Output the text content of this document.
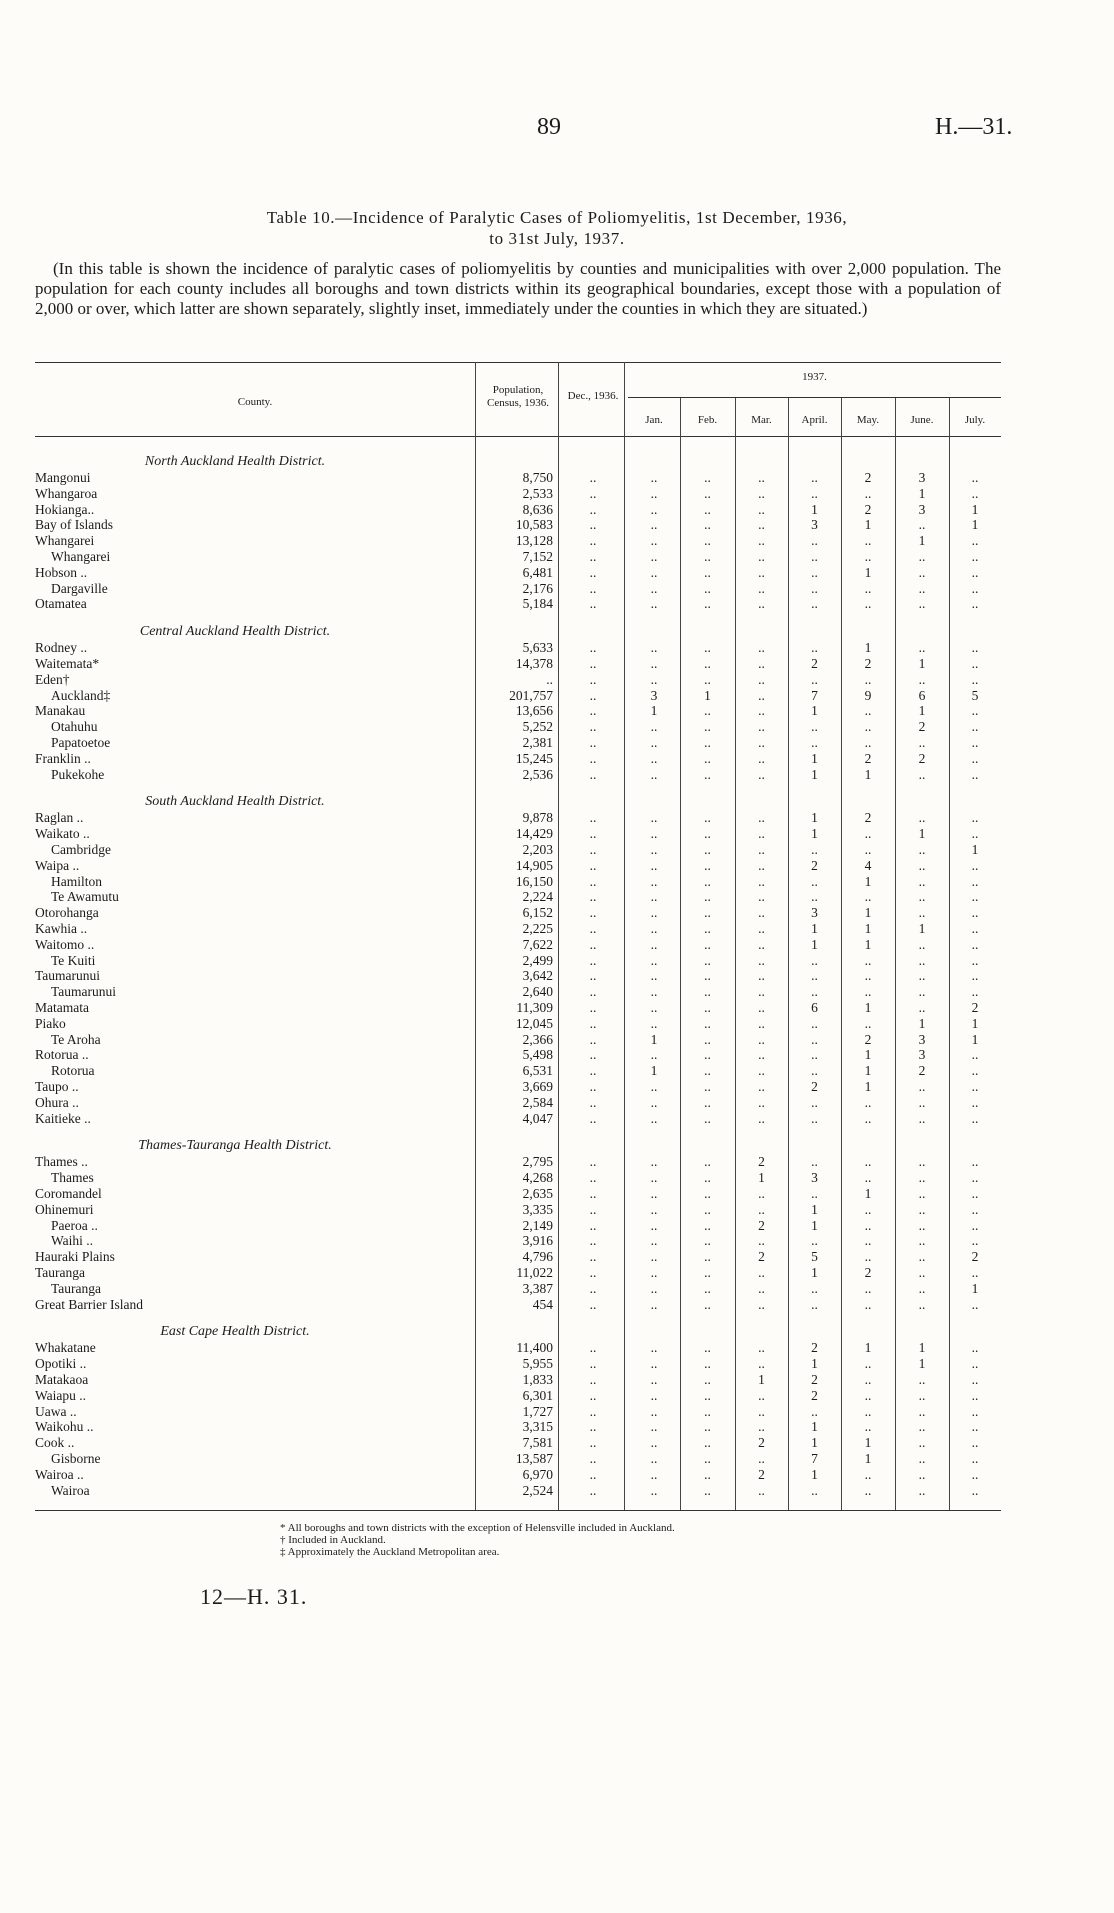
89	H.—31.
Table 10.—Incidence of Paralytic Cases of Poliomyelitis, 1st December, 1936,
to 31st July, 1937.
(In this table is shown the incidence of paralytic cases of poliomyelitis by counties and municipalities with over 2,000 population. The population for each county includes all boroughs and town districts within its geographical boundaries, except those with a population of 2,000 or over, which latter are shown separately, slightly inset, immediately under the counties in which they are situated.)
County.
Population, Census, 1936.
Dec., 1936.
1937.
Jan.	Feb.	Mar.	April.	May.	June.	July.
North Auckland Health District.
Mangonui	8,750	..	..	..	..	..	2	3	..
Whangaroa	2,533	..	..	..	..	..	..	1	..
Hokianga..	8,636	..	..	..	..	1	2	3	1
Bay of Islands	10,583	..	..	..	..	3	1	..	1
Whangarei	13,128	..	..	..	..	..	..	1	..
Whangarei	7,152	..	..	..	..	..	..	..	..
Hobson ..	6,481	..	..	..	..	..	1	..	..
Dargaville	2,176	..	..	..	..	..	..	..	..
Otamatea	5,184	..	..	..	..	..	..	..	..
Central Auckland Health District.
Rodney ..	5,633	..	..	..	..	..	1	..	..
Waitemata*	14,378	..	..	..	..	2	2	1	..
Eden†	..	..	..	..	..	..	..	..	..
Auckland‡	201,757	..	3	1	..	7	9	6	5
Manakau	13,656	..	1	..	..	1	..	1	..
Otahuhu	5,252	..	..	..	..	..	..	2	..
Papatoetoe	2,381	..	..	..	..	..	..	..	..
Franklin ..	15,245	..	..	..	..	1	2	2	..
Pukekohe	2,536	..	..	..	..	1	1	..	..
South Auckland Health District.
Raglan ..	9,878	..	..	..	..	1	2	..	..
Waikato ..	14,429	..	..	..	..	1	..	1	..
Cambridge	2,203	..	..	..	..	..	..	..	1
Waipa ..	14,905	..	..	..	..	2	4	..	..
Hamilton	16,150	..	..	..	..	..	1	..	..
Te Awamutu	2,224	..	..	..	..	..	..	..	..
Otorohanga	6,152	..	..	..	..	3	1	..	..
Kawhia ..	2,225	..	..	..	..	1	1	1	..
Waitomo ..	7,622	..	..	..	..	1	1	..	..
Te Kuiti	2,499	..	..	..	..	..	..	..	..
Taumarunui	3,642	..	..	..	..	..	..	..	..
Taumarunui	2,640	..	..	..	..	..	..	..	..
Matamata	11,309	..	..	..	..	6	1	..	2
Piako	12,045	..	..	..	..	..	..	1	1
Te Aroha	2,366	..	1	..	..	..	2	3	1
Rotorua ..	5,498	..	..	..	..	..	1	3	..
Rotorua	6,531	..	1	..	..	..	1	2	..
Taupo ..	3,669	..	..	..	..	2	1	..	..
Ohura ..	2,584	..	..	..	..	..	..	..	..
Kaitieke ..	4,047	..	..	..	..	..	..	..	..
Thames-Tauranga Health District.
Thames ..	2,795	..	..	..	2	..	..	..	..
Thames	4,268	..	..	..	1	3	..	..	..
Coromandel	2,635	..	..	..	..	..	1	..	..
Ohinemuri	3,335	..	..	..	..	1	..	..	..
Paeroa ..	2,149	..	..	..	2	1	..	..	..
Waihi ..	3,916	..	..	..	..	..	..	..	..
Hauraki Plains	4,796	..	..	..	2	5	..	..	2
Tauranga	11,022	..	..	..	..	1	2	..	..
Tauranga	3,387	..	..	..	..	..	..	..	1
Great Barrier Island	454	..	..	..	..	..	..	..	..
East Cape Health District.
Whakatane	11,400	..	..	..	..	2	1	1	..
Opotiki ..	5,955	..	..	..	..	1	..	1	..
Matakaoa	1,833	..	..	..	1	2	..	..	..
Waiapu ..	6,301	..	..	..	..	2	..	..	..
Uawa ..	1,727	..	..	..	..	..	..	..	..
Waikohu ..	3,315	..	..	..	..	1	..	..	..
Cook ..	7,581	..	..	..	2	1	1	..	..
Gisborne	13,587	..	..	..	..	7	1	..	..
Wairoa ..	6,970	..	..	..	2	1	..	..	..
Wairoa	2,524	..	..	..	..	..	..	..	..
* All boroughs and town districts with the exception of Helensville included in Auckland.
† Included in Auckland.
‡ Approximately the Auckland Metropolitan area.
12—H. 31.
